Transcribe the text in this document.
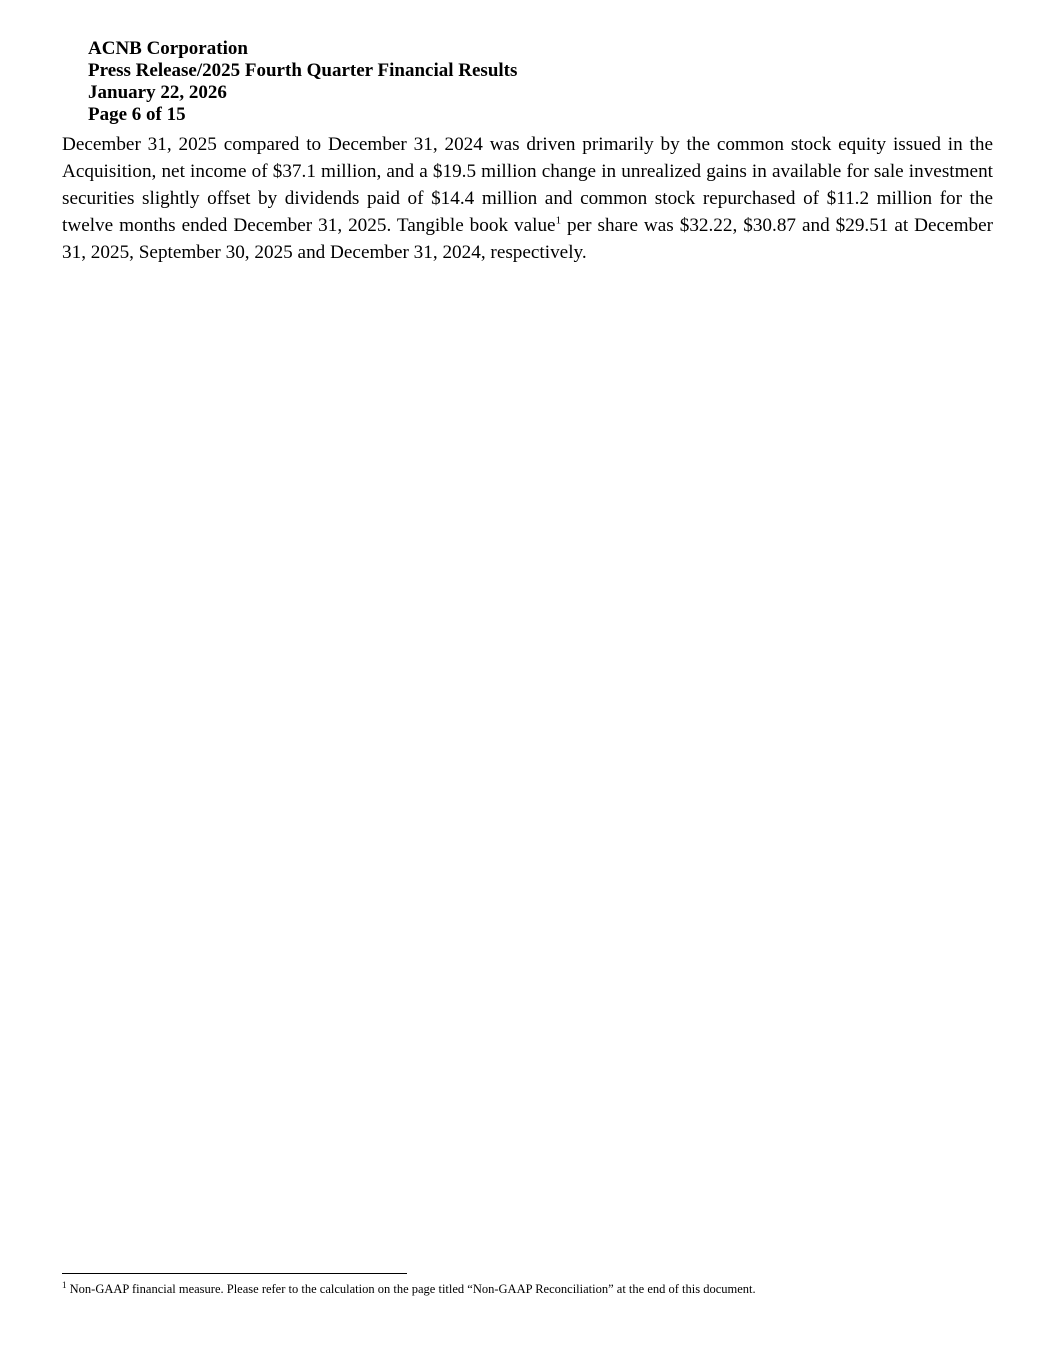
ACNB Corporation
Press Release/2025 Fourth Quarter Financial Results
January 22, 2026
Page 6 of 15

December 31, 2025 compared to December 31, 2024 was driven primarily by the common stock equity issued in the Acquisition, net income of $37.1 million, and a $19.5 million change in unrealized gains in available for sale investment securities slightly offset by dividends paid of $14.4 million and common stock repurchased of $11.2 million for the twelve months ended December 31, 2025. Tangible book value$^1$ per share was $32.22, $30.87 and $29.51 at December 31, 2025, September 30, 2025 and December 31, 2024, respectively.

$^1$ Non-GAAP financial measure. Please refer to the calculation on the page titled “Non-GAAP Reconciliation” at the end of this document.
